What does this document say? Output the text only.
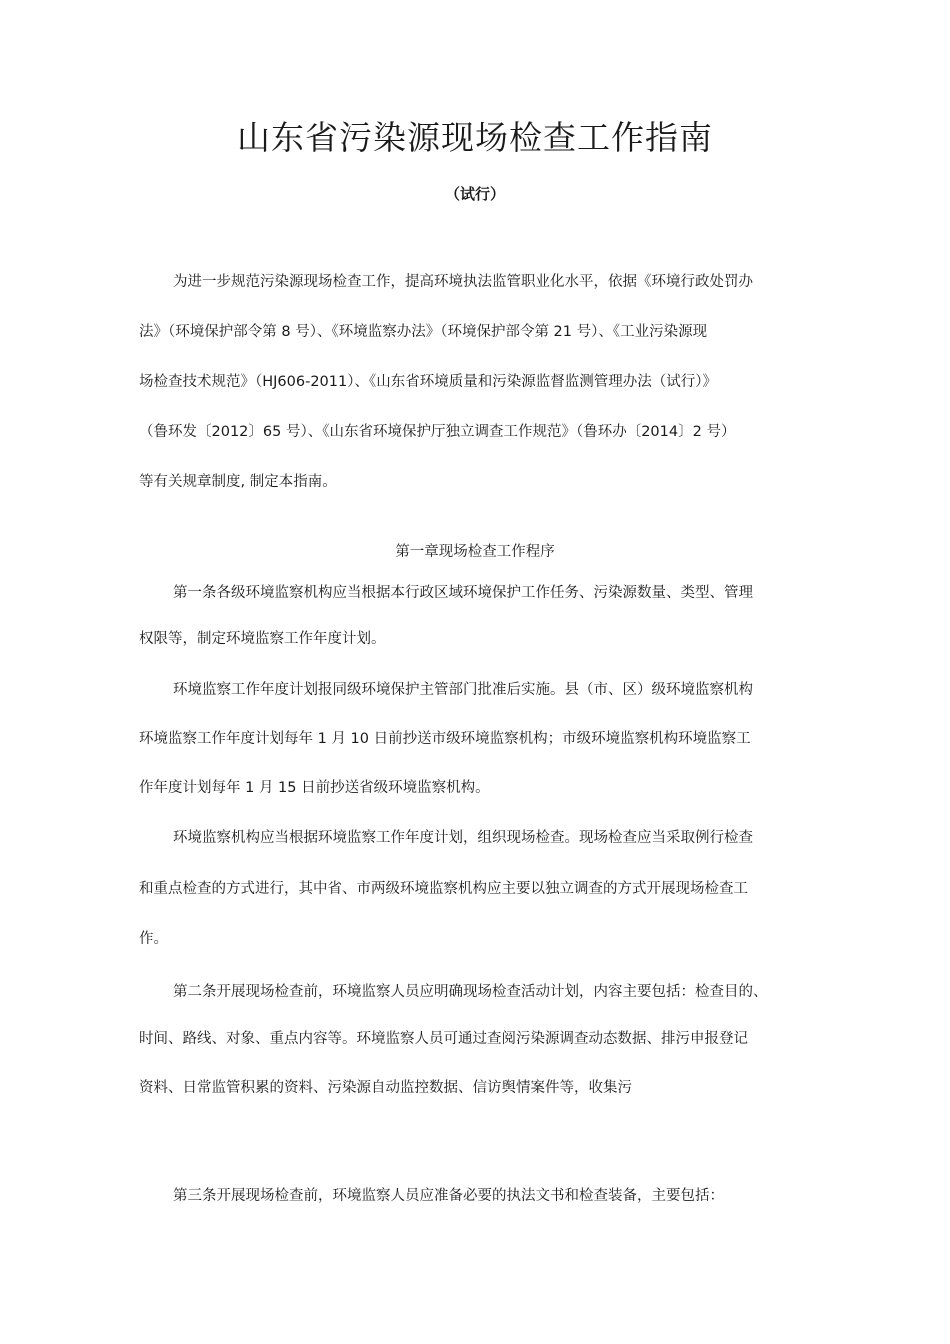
山东省污染源现场检查工作指南
（试行）
为进一步规范污染源现场检查工作，提高环境执法监管职业化水平，依据《环境行政处罚办
法》（环境保护部令第 8 号）、《环境监察办法》（环境保护部令第 21 号）、《工业污染源现
场检查技术规范》（HJ606-2011）、《山东省环境质量和污染源监督监测管理办法（试行）》
（鲁环发〔2012〕65 号）、《山东省环境保护厅独立调查工作规范》（鲁环办〔2014〕2 号）
等有关规章制度, 制定本指南。
第一章现场检查工作程序
第一条各级环境监察机构应当根据本行政区域环境保护工作任务、污染源数量、类型、管理
权限等，制定环境监察工作年度计划。
环境监察工作年度计划报同级环境保护主管部门批准后实施。县（市、区）级环境监察机构
环境监察工作年度计划每年 1 月 10 日前抄送市级环境监察机构；市级环境监察机构环境监察工
作年度计划每年 1 月 15 日前抄送省级环境监察机构。
环境监察机构应当根据环境监察工作年度计划，组织现场检查。现场检查应当采取例行检查
和重点检查的方式进行，其中省、市两级环境监察机构应主要以独立调查的方式开展现场检查工
作。
第二条开展现场检查前，环境监察人员应明确现场检查活动计划，内容主要包括：检查目的、
时间、路线、对象、重点内容等。环境监察人员可通过查阅污染源调查动态数据、排污申报登记
资料、日常监管积累的资料、污染源自动监控数据、信访舆情案件等，收集污
第三条开展现场检查前，环境监察人员应准备必要的执法文书和检查装备，主要包括：
